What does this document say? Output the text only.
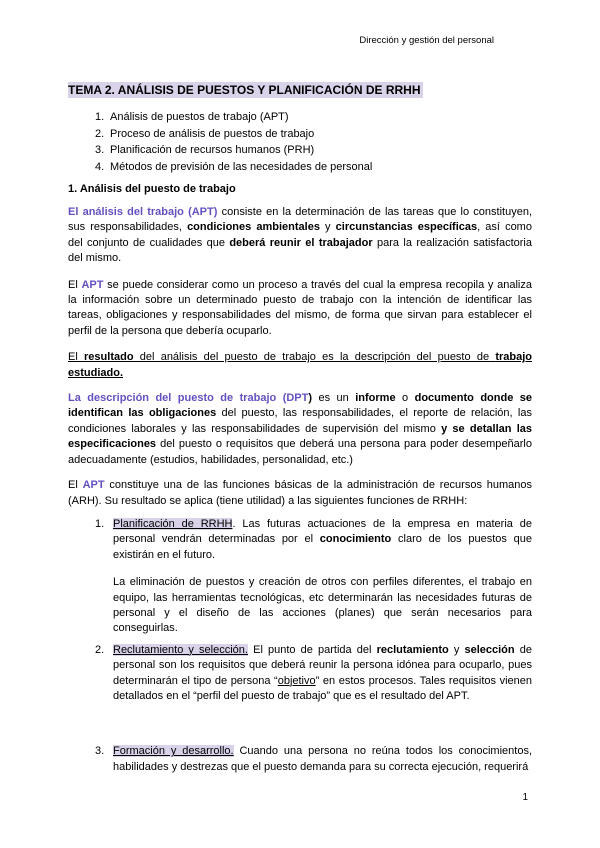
Dirección y gestión del personal
TEMA 2. ANÁLISIS DE PUESTOS Y PLANIFICACIÓN DE RRHH
1. Análisis de puestos de trabajo (APT)
2. Proceso de análisis de puestos de trabajo
3. Planificación de recursos humanos (PRH)
4. Métodos de previsión de las necesidades de personal
1. Análisis del puesto de trabajo

El análisis del trabajo (APT) consiste en la determinación de las tareas que lo constituyen, sus responsabilidades, condiciones ambientales y circunstancias específicas, así como del conjunto de cualidades que deberá reunir el trabajador para la realización satisfactoria del mismo.

El APT se puede considerar como un proceso a través del cual la empresa recopila y analiza la información sobre un determinado puesto de trabajo con la intención de identificar las tareas, obligaciones y responsabilidades del mismo, de forma que sirvan para establecer el perfil de la persona que debería ocuparlo.

El resultado del análisis del puesto de trabajo es la descripción del puesto de trabajo estudiado.

La descripción del puesto de trabajo (DPT) es un informe o documento donde se identifican las obligaciones del puesto, las responsabilidades, el reporte de relación, las condiciones laborales y las responsabilidades de supervisión del mismo y se detallan las especificaciones del puesto o requisitos que deberá una persona para poder desempeñarlo adecuadamente (estudios, habilidades, personalidad, etc.)

El APT constituye una de las funciones básicas de la administración de recursos humanos (ARH). Su resultado se aplica (tiene utilidad) a las siguientes funciones de RRHH:

1. Planificación de RRHH. Las futuras actuaciones de la empresa en materia de personal vendrán determinadas por el conocimiento claro de los puestos que existirán en el futuro.
La eliminación de puestos y creación de otros con perfiles diferentes, el trabajo en equipo, las herramientas tecnológicas, etc determinarán las necesidades futuras de personal y el diseño de las acciones (planes) que serán necesarios para conseguirlas.
2. Reclutamiento y selección. El punto de partida del reclutamiento y selección de personal son los requisitos que deberá reunir la persona idónea para ocuparlo, pues determinarán el tipo de persona “objetivo” en estos procesos. Tales requisitos vienen detallados en el “perfil del puesto de trabajo” que es el resultado del APT.
3. Formación y desarrollo. Cuando una persona no reúna todos los conocimientos, habilidades y destrezas que el puesto demanda para su correcta ejecución, requerirá
1
